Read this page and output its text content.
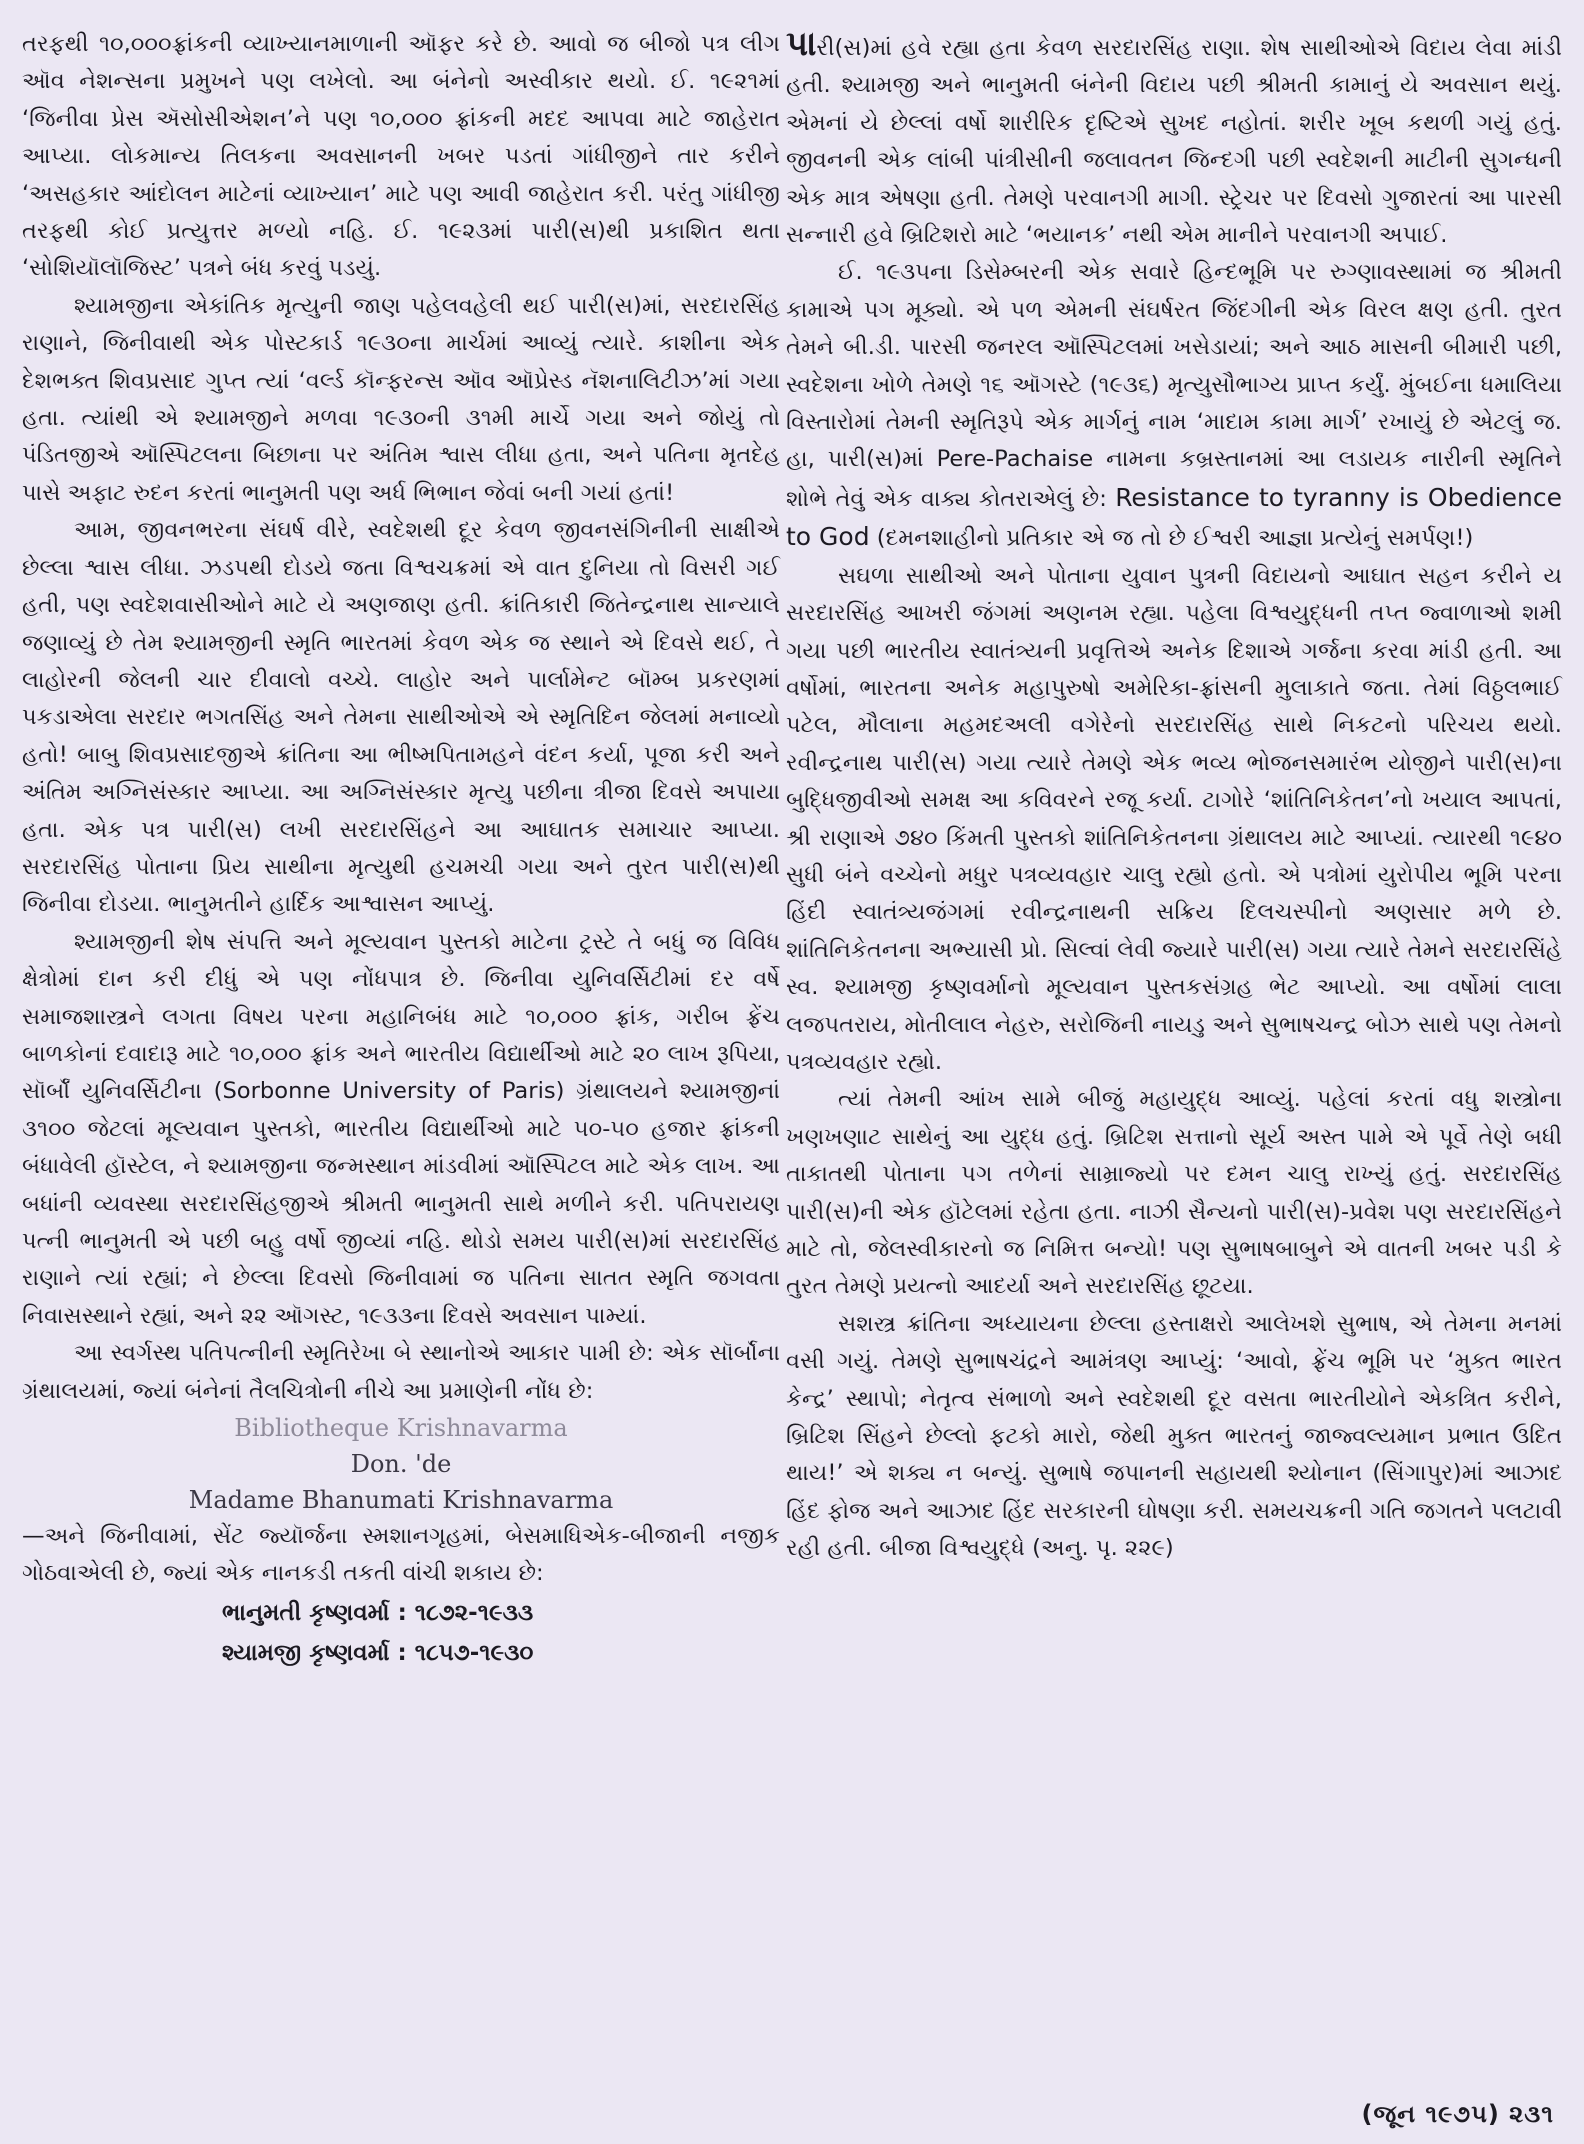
તરફથી ૧૦,૦૦૦ફ્રાંકની વ્યાખ્યાનમાળાની ઑફર કરે છે. આવો જ બીજો પત્ર લીગ ઑવ નેશન્સના પ્રમુખને પણ લખેલો. આ બંનેનો અસ્વીકાર થયો. ઈ. ૧૯૨૧માં ‘જિનીવા પ્રેસ ઍસોસીએશન’ને પણ ૧૦,૦૦૦ ફ્રાંકની મદદ આપવા માટે જાહેરાત આપ્યા. લોકમાન્ય તિલકના અવસાનની ખબર પડતાં ગાંધીજીને તાર કરીને ‘અસહકાર આંદોલન માટેનાં વ્યાખ્યાન’ માટે પણ આવી જાહેરાત કરી. પરંતુ ગાંધીજી તરફથી કોઈ પ્રત્યુત્તર મળ્યો નહિ. ઈ. ૧૯૨૩માં પારી(સ)થી પ્રકાશિત થતા ‘સોશિયૉલૉજિસ્ટ’ પત્રને બંધ કરવું પડયું.

શ્યામજીના એકાંતિક મૃત્યુની જાણ પહેલવહેલી થઈ પારી(સ)માં, સરદારસિંહ રાણાને, જિનીવાથી એક પોસ્ટકાર્ડ ૧૯૩૦ના માર્ચમાં આવ્યું ત્યારે. કાશીના એક દેશભક્ત શિવપ્રસાદ ગુપ્ત ત્યાં ‘વર્લ્ડ કૉન્ફરન્સ ઑવ ઑપ્રેસ્ડ નૅશનાલિટીઝ’માં ગયા હતા. ત્યાંથી એ શ્યામજીને મળવા ૧૯૩૦ની ૩૧મી માર્ચે ગયા અને જોયું તો પંડિતજીએ ઑસ્પિટલના બિછાના પર અંતિમ શ્વાસ લીધા હતા, અને પતિના મૃતદેહ પાસે અફાટ રુદન કરતાં ભાનુમતી પણ અર્ધ ભિભાન જેવાં બની ગયાં હતાં!

આમ, જીવનભરના સંઘર્ષ વીરે, સ્વદેશથી દૂર કેવળ જીવનસંગિનીની સાક્ષીએ છેલ્લા શ્વાસ લીધા. ઝડપથી દોડયે જતા વિશ્વચક્રમાં એ વાત દુનિયા તો વિસરી ગઈ હતી, પણ સ્વદેશવાસીઓને માટે યે અણજાણ હતી. ક્રાંતિકારી જિતેન્દ્રનાથ સાન્યાલે જણાવ્યું છે તેમ શ્યામજીની સ્મૃતિ ભારતમાં કેવળ એક જ સ્થાને એ દિવસે થઈ, તે લાહોરની જેલની ચાર દીવાલો વચ્ચે. લાહોર અને પાર્લામેન્ટ બૉમ્બ પ્રકરણમાં પકડાએલા સરદાર ભગતસિંહ અને તેમના સાથીઓએ એ સ્મૃતિદિન જેલમાં મનાવ્યો હતો! બાબુ શિવપ્રસાદજીએ ક્રાંતિના આ ભીષ્મપિતામહને વંદન કર્યા, પૂજા કરી અને અંતિમ અગ્નિસંસ્કાર આપ્યા. આ અગ્નિસંસ્કાર મૃત્યુ પછીના ત્રીજા દિવસે અપાયા હતા. એક પત્ર પારી(સ) લખી સરદારસિંહને આ આઘાતક સમાચાર આપ્યા. સરદારસિંહ પોતાના પ્રિય સાથીના મૃત્યુથી હચમચી ગયા અને તુરત પારી(સ)થી જિનીવા દોડયા. ભાનુમતીને હાર્દિક આશ્વાસન આપ્યું.

શ્યામજીની શેષ સંપત્તિ અને મૂલ્યવાન પુસ્તકો માટેના ટ્રસ્ટે તે બધું જ વિવિધ ક્ષેત્રોમાં દાન કરી દીધું એ પણ નોંધપાત્ર છે. જિનીવા યુનિવર્સિટીમાં દર વર્ષે સમાજશાસ્ત્રને લગતા વિષય પરના મહાનિબંધ માટે ૧૦,૦૦૦ ફ્રાંક, ગરીબ ફ્રેંચ બાળકોનાં દવાદારૂ માટે ૧૦,૦૦૦ ફ્રાંક અને ભારતીય વિદ્યાર્થીઓ માટે ૨૦ લાખ રૂપિયા, સૉર્બૉં યુનિવર્સિટીના (Sorbonne University of Paris) ગ્રંથાલયને શ્યામજીનાં ૩૧૦૦ જેટલાં મૂલ્યવાન પુસ્તકો, ભારતીય વિદ્યાર્થીઓ માટે ૫૦-૫૦ હજાર ફ્રાંકની બંધાવેલી હૉસ્ટેલ, ને શ્યામજીના જન્મસ્થાન માંડવીમાં ઑસ્પિટલ માટે એક લાખ. આ બધાંની વ્યવસ્થા સરદારસિંહજીએ શ્રીમતી ભાનુમતી સાથે મળીને કરી. પતિપરાયણ પત્ની ભાનુમતી એ પછી બહુ વર્ષો જીવ્યાં નહિ. થોડો સમય પારી(સ)માં સરદારસિંહ રાણાને ત્યાં રહ્યાં; ને છેલ્લા દિવસો જિનીવામાં જ પતિના સાતત સ્મૃતિ જગવતા નિવાસસ્થાને રહ્યાં, અને ૨૨ ઑગસ્ટ, ૧૯૩૩ના દિવસે અવસાન પામ્યાં.

આ સ્વર્ગસ્થ પતિપત્નીની સ્મૃતિરેખા બે સ્થાનોએ આકાર પામી છે: એક સૉર્બૉના ગ્રંથાલયમાં, જ્યાં બંનેનાં તૈલચિત્રોની નીચે આ પ્રમાણેની નોંધ છે:

Bibliotheque Krishnavarma
Don. 'de
Madame Bhanumati Krishnavarma

—અને જિનીવામાં, સેંટ જ્યૉર્જના સ્મશાનગૃહમાં, બેસમાધિએક-બીજાની નજીક ગોઠવાએલી છે, જ્યાં એક નાનકડી તકતી વાંચી શકાય છે:

ભાનુમતી કૃષ્ણવર્મા : ૧૮૭૨-૧૯૩૩
શ્યામજી કૃષ્ણવર્મા : ૧૮૫૭-૧૯૩૦

પારી(સ)માં હવે રહ્યા હતા કેવળ સરદારસિંહ રાણા. શેષ સાથીઓએ વિદાય લેવા માંડી હતી. શ્યામજી અને ભાનુમતી બંનેની વિદાય પછી શ્રીમતી કામાનું યે અવસાન થયું. એમનાં યે છેલ્લાં વર્ષો શારીરિક દૃષ્ટિએ સુખદ નહોતાં. શરીર ખૂબ કથળી ગયું હતું. જીવનની એક લાંબી પાંત્રીસીની જલાવતન જિન્દગી પછી સ્વદેશની માટીની સુગન્ધની એક માત્ર એષણા હતી. તેમણે પરવાનગી માગી. સ્ટ્રેચર પર દિવસો ગુજારતાં આ પારસી સન્નારી હવે બ્રિટિશરો માટે ‘ભયાનક’ નથી એમ માનીને પરવાનગી અપાઈ.

ઈ. ૧૯૩૫ના ડિસેમ્બરની એક સવારે હિન્દભૂમિ પર રુગ્ણાવસ્થામાં જ શ્રીમતી કામાએ પગ મૂક્યો. એ પળ એમની સંઘર્ષરત જિંદગીની એક વિરલ ક્ષણ હતી. તુરત તેમને બી.ડી. પારસી જનરલ ઑસ્પિટલમાં ખસેડાયાં; અને આઠ માસની બીમારી પછી, સ્વદેશના ખોળે તેમણે ૧૬ ઑગસ્ટે (૧૯૩૬) મૃત્યુસૌભાગ્ય પ્રાપ્ત કર્યું. મુંબઈના ધમાલિયા વિસ્તારોમાં તેમની સ્મૃતિરૂપે એક માર્ગનું નામ ‘માદામ કામા માર્ગ’ રખાયું છે એટલું જ. હા, પારી(સ)માં Pere-Pachaise નામના કબ્રસ્તાનમાં આ લડાયક નારીની સ્મૃતિને શોભે તેવું એક વાક્ય કોતરાએલું છે: Resistance to tyranny is Obedience to God (દમનશાહીનો પ્રતિકાર એ જ તો છે ઈશ્વરી આજ્ઞા પ્રત્યેનું સમર્પણ!)

સઘળા સાથીઓ અને પોતાના યુવાન પુત્રની વિદાયનો આઘાત સહન કરીને ય સરદારસિંહ આખરી જંગમાં અણનમ રહ્યા. પહેલા વિશ્વયુદ્ધની તપ્ત જ્વાળાઓ શમી ગયા પછી ભારતીય સ્વાતંત્ર્યની પ્રવૃત્તિએ અનેક દિશાએ ગર્જના કરવા માંડી હતી. આ વર્ષોમાં, ભારતના અનેક મહાપુરુષો અમેરિકા-ફ્રાંસની મુલાકાતે જતા. તેમાં વિઠ્ઠલભાઈ પટેલ, મૌલાના મહમદઅલી વગેરેનો સરદારસિંહ સાથે નિકટનો પરિચય થયો. રવીન્દ્રનાથ પારી(સ) ગયા ત્યારે તેમણે એક ભવ્ય ભોજનસમારંભ યોજીને પારી(સ)ના બુદ્ધિજીવીઓ સમક્ષ આ કવિવરને રજૂ કર્યા. ટાગોરે ‘શાંતિનિકેતન’નો ખયાલ આપતાં, શ્રી રાણાએ ૭૪૦ કિંમતી પુસ્તકો શાંતિનિકેતનના ગ્રંથાલય માટે આપ્યાં. ત્યારથી ૧૯૪૦ સુધી બંને વચ્ચેનો મધુર પત્રવ્યવહાર ચાલુ રહ્યો હતો. એ પત્રોમાં યુરોપીય ભૂમિ પરના હિંદી સ્વાતંત્ર્યજંગમાં રવીન્દ્રનાથની સક્રિય દિલચસ્પીનો અણસાર મળે છે. શાંતિનિકેતનના અભ્યાસી પ્રો. સિલ્વાં લેવી જ્યારે પારી(સ) ગયા ત્યારે તેમને સરદારસિંહે સ્વ. શ્યામજી કૃષ્ણવર્માનો મૂલ્યવાન પુસ્તકસંગ્રહ ભેટ આપ્યો. આ વર્ષોમાં લાલા લજપતરાય, મોતીલાલ નેહરુ, સરોજિની નાયડુ અને સુભાષચન્દ્ર બોઝ સાથે પણ તેમનો પત્રવ્યવહાર રહ્યો.

ત્યાં તેમની આંખ સામે બીજું મહાયુદ્ધ આવ્યું. પહેલાં કરતાં વધુ શસ્ત્રોના ખણખણાટ સાથેનું આ યુદ્ધ હતું. બ્રિટિશ સત્તાનો સૂર્ય અસ્ત પામે એ પૂર્વે તેણે બધી તાકાતથી પોતાના પગ તળેનાં સામ્રાજ્યો પર દમન ચાલુ રાખ્યું હતું. સરદારસિંહ પારી(સ)ની એક હૉટેલમાં રહેતા હતા. નાઝી સૈન્યનો પારી(સ)-પ્રવેશ પણ સરદારસિંહને માટે તો, જેલસ્વીકારનો જ નિમિત્ત બન્યો! પણ સુભાષબાબુને એ વાતની ખબર પડી કે તુરત તેમણે પ્રયત્નો આદર્યા અને સરદારસિંહ છૂટયા.

સશસ્ત્ર ક્રાંતિના અધ્યાયના છેલ્લા હસ્તાક્ષરો આલેખશે સુભાષ, એ તેમના મનમાં વસી ગયું. તેમણે સુભાષચંદ્રને આમંત્રણ આપ્યું: ‘આવો, ફ્રેંચ ભૂમિ પર ‘મુક્ત ભારત કેન્દ્ર’ સ્થાપો; નેતૃત્વ સંભાળો અને સ્વદેશથી દૂર વસતા ભારતીયોને એકત્રિત કરીને, બ્રિટિશ સિંહને છેલ્લો ફટકો મારો, જેથી મુક્ત ભારતનું જાજ્વલ્યમાન પ્રભાત ઉદિત થાય!’ એ શક્ય ન બન્યું. સુભાષે જપાનની સહાયથી શ્યોનાન (સિંગાપુર)માં આઝાદ હિંદ ફોજ અને આઝાદ હિંદ સરકારની ઘોષણા કરી. સમયચક્રની ગતિ જગતને પલટાવી રહી હતી. બીજા વિશ્વયુદ્ધે (અનુ. પૃ. ૨૨૯)

(જૂન ૧૯૭૫) ૨૩૧
